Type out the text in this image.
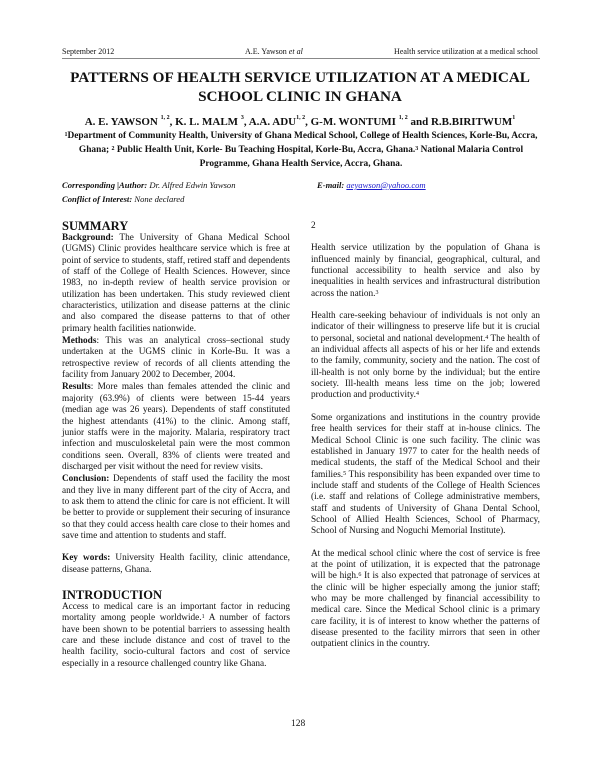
September 2012	A.E. Yawson et al	Health service utilization at a medical school
PATTERNS OF HEALTH SERVICE UTILIZATION AT A MEDICAL
SCHOOL CLINIC IN GHANA
A. E. YAWSON $^{1, 2}$, K. L. MALM $^3$, A.A. ADU$^{1, 2}$, G-M. WONTUMI $^{1, 2}$ and R.B.BIRITWUM$^1$
$^1$Department of Community Health, University of Ghana Medical School, College of Health Sciences, Korle-Bu, Accra, Ghana; $^2$ Public Health Unit, Korle- Bu Teaching Hospital, Korle-Bu, Accra, Ghana.$^3$ National Malaria Control Programme, Ghana Health Service, Accra, Ghana.
Corresponding |Author: Dr. Alfred Edwin Yawson	E-mail: aeyawson@yahoo.com
Conflict of Interest: None declared
SUMMARY

Background: The University of Ghana Medical School (UGMS) Clinic provides healthcare service which is free at point of service to students, staff, retired staff and dependents of staff of the College of Health Sciences. However, since 1983, no in-depth review of health service provision or utilization has been undertaken. This study reviewed client characteristics, utilization and disease patterns at the clinic and also compared the disease patterns to that of other primary health facilities nationwide.

Methods: This was an analytical cross–sectional study undertaken at the UGMS clinic in Korle-Bu. It was a retrospective review of records of all clients attending the facility from January 2002 to December, 2004.

Results: More males than females attended the clinic and majority (63.9%) of clients were between 15-44 years (median age was 26 years). Dependents of staff constituted the highest attendants (41%) to the clinic. Among staff, junior staffs were in the majority. Malaria, respiratory tract infection and musculoskeletal pain were the most common conditions seen. Overall, 83% of clients were treated and discharged per visit without the need for review visits.

Conclusion: Dependents of staff used the facility the most and they live in many different part of the city of Accra, and to ask them to attend the clinic for care is not efficient. It will be better to provide or supplement their securing of insurance so that they could access health care close to their homes and save time and attention to students and staff.

Key words: University Health facility, clinic attendance, disease patterns, Ghana.

INTRODUCTION

Access to medical care is an important factor in reducing mortality among people worldwide.$^1$ A number of factors have been shown to be potential barriers to assessing health care and these include distance and cost of travel to the health facility, socio-cultural factors and cost of service especially in a resource challenged country like Ghana.

2

Health service utilization by the population of Ghana is influenced mainly by financial, geographical, cultural, and functional accessibility to health service and also by inequalities in health services and infrastructural distribution across the nation.$^3$

Health care-seeking behaviour of individuals is not only an indicator of their willingness to preserve life but it is crucial to personal, societal and national development.$^4$ The health of an individual affects all aspects of his or her life and extends to the family, community, society and the nation. The cost of ill-health is not only borne by the individual; but the entire society. Ill-health means less time on the job; lowered production and productivity.$^4$

Some organizations and institutions in the country provide free health services for their staff at in-house clinics. The Medical School Clinic is one such facility. The clinic was established in January 1977 to cater for the health needs of medical students, the staff of the Medical School and their families.$^5$ This responsibility has been expanded over time to include staff and students of the College of Health Sciences (i.e. staff and relations of College administrative members, staff and students of University of Ghana Dental School, School of Allied Health Sciences, School of Pharmacy, School of Nursing and Noguchi Memorial Institute).

At the medical school clinic where the cost of service is free at the point of utilization, it is expected that the patronage will be high.$^6$ It is also expected that patronage of services at the clinic will be higher especially among the junior staff; who may be more challenged by financial accessibility to medical care. Since the Medical School clinic is a primary care facility, it is of interest to know whether the patterns of disease presented to the facility mirrors that seen in other outpatient clinics in the country.

128
